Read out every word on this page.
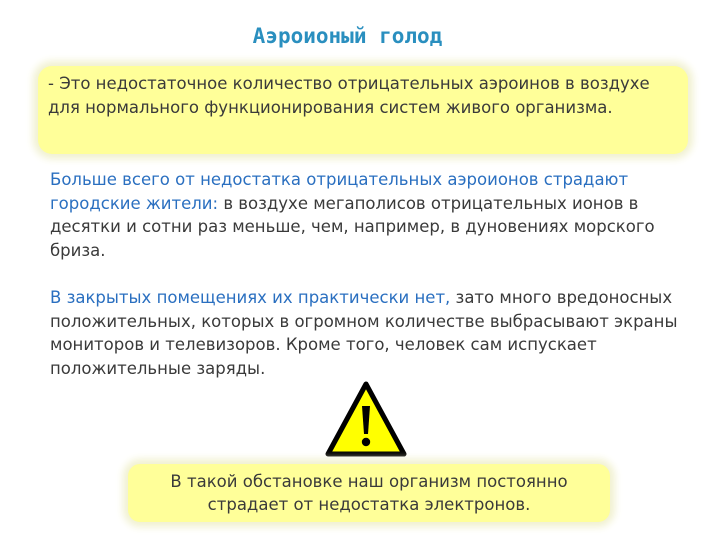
Аэроионый голод
- Это недостаточное количество отрицательных аэроинов в воздухе для нормального функционирования систем живого организма.
Больше всего от недостатка отрицательных аэроионов страдают городские жители: в воздухе мегаполисов отрицательных ионов в десятки и сотни раз меньше, чем, например, в дуновениях морского бриза.
В закрытых помещениях их практически нет, зато много вредоносных положительных, которых в огромном количестве выбрасывают экраны мониторов и телевизоров. Кроме того, человек сам испускает положительные заряды.
В такой обстановке наш организм постоянно страдает от недостатка электронов.
